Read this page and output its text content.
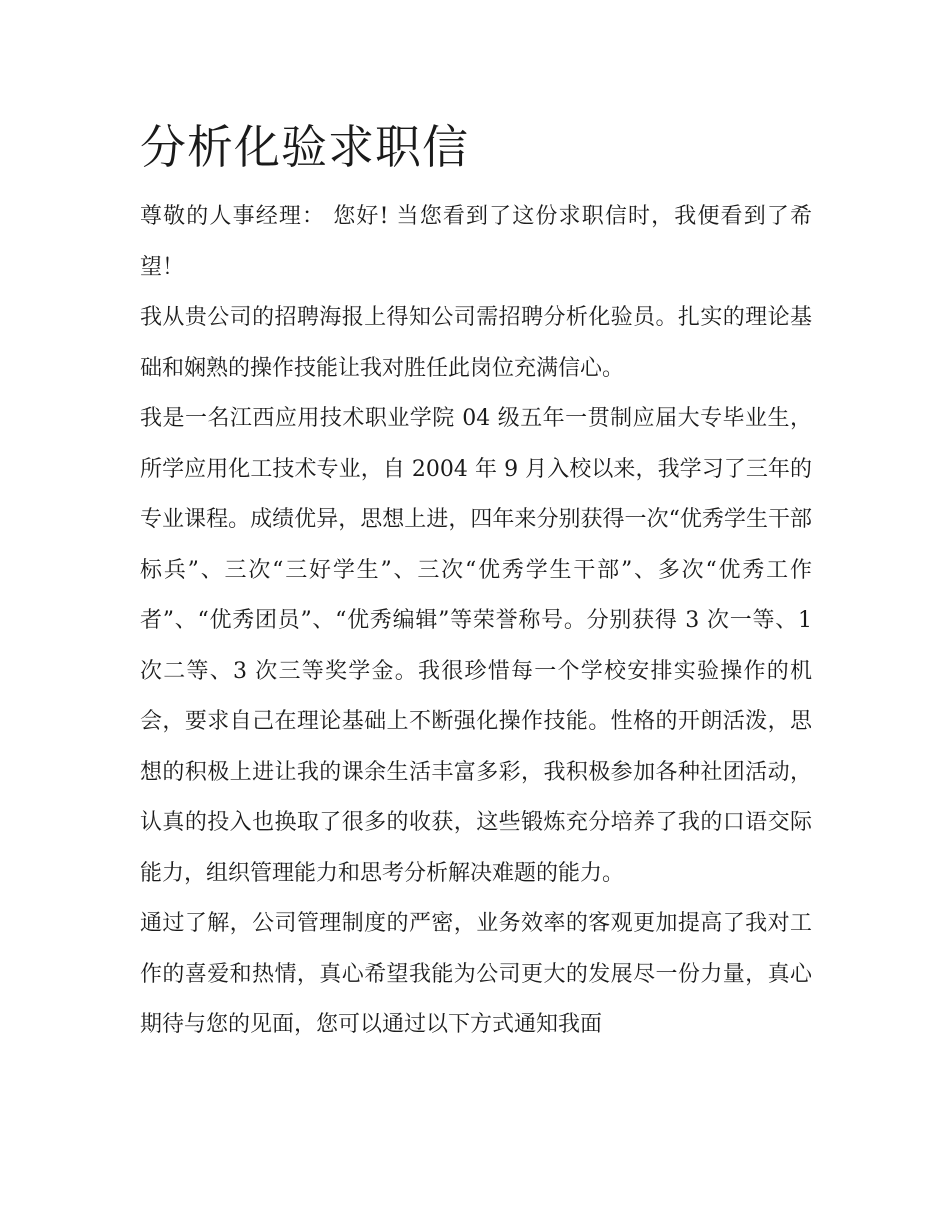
分析化验求职信

尊敬的人事经理： 您好! 当您看到了这份求职信时，我便看到了希望！

我从贵公司的招聘海报上得知公司需招聘分析化验员。扎实的理论基础和娴熟的操作技能让我对胜任此岗位充满信心。

我是一名江西应用技术职业学院 04 级五年一贯制应届大专毕业生，所学应用化工技术专业，自 2004 年 9 月入校以来，我学习了三年的专业课程。成绩优异，思想上进，四年来分别获得一次“优秀学生干部标兵”、三次“三好学生”、三次“优秀学生干部”、多次“优秀工作者”、“优秀团员”、“优秀编辑”等荣誉称号。分别获得 3 次一等、1 次二等、3 次三等奖学金。我很珍惜每一个学校安排实验操作的机会，要求自己在理论基础上不断强化操作技能。性格的开朗活泼，思想的积极上进让我的课余生活丰富多彩，我积极参加各种社团活动，认真的投入也换取了很多的收获，这些锻炼充分培养了我的口语交际能力，组织管理能力和思考分析解决难题的能力。

通过了解，公司管理制度的严密，业务效率的客观更加提高了我对工作的喜爱和热情，真心希望我能为公司更大的发展尽一份力量，真心期待与您的见面，您可以通过以下方式通知我面
